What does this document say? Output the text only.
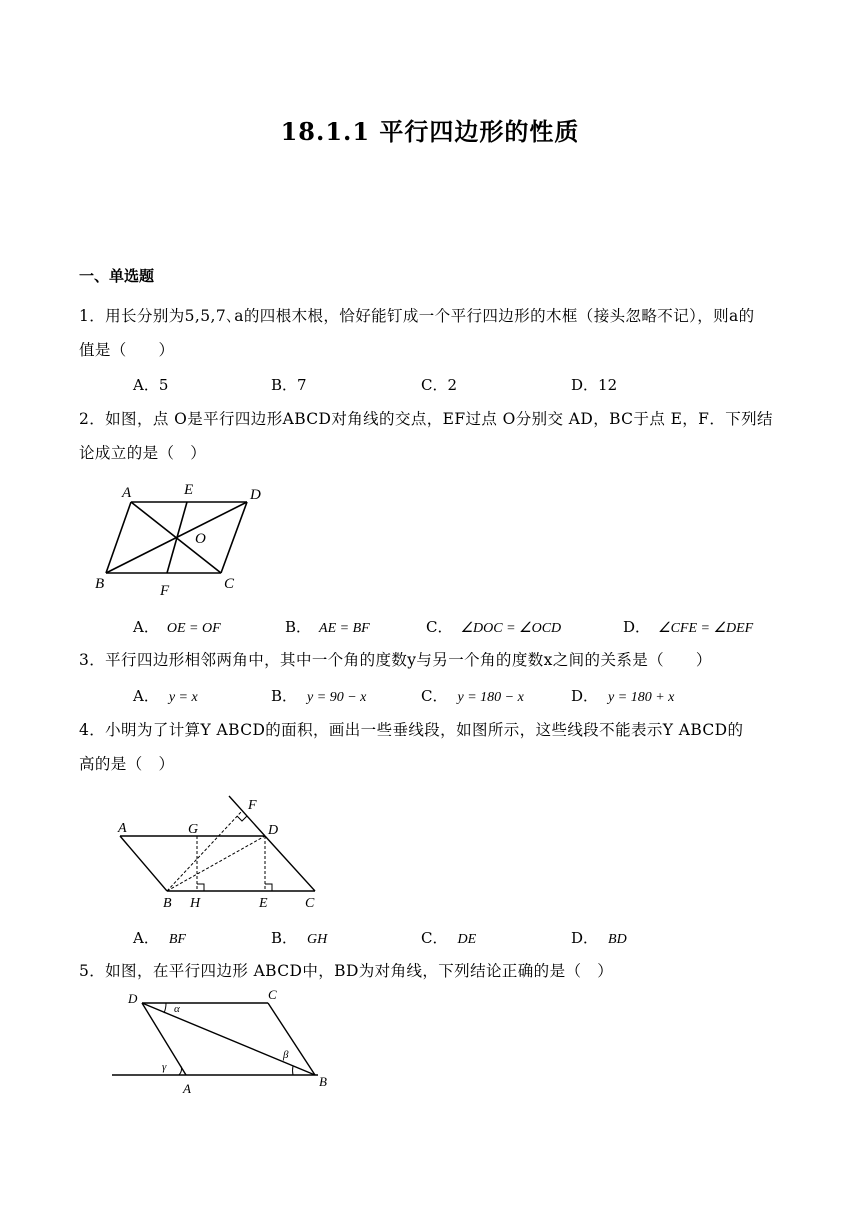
18.1.1 平行四边形的性质
一、单选题
1．用长分别为5,5,7､a的四根木根，恰好能钉成一个平行四边形的木框（接头忽略不记），则a的
值是（　　）
A．5	B．7	C．2	D．12
2．如图，点 O是平行四边形ABCD对角线的交点，EF过点 O分别交 AD，BC于点 E，F．下列结
论成立的是（　）
A	E	D
O
B	F	C
A． OE = OF	B． AE = BF	C． ∠DOC = ∠OCD	D． ∠CFE = ∠DEF
3．平行四边形相邻两角中，其中一个角的度数y与另一个角的度数x之间的关系是（　　）
A． y = x	B． y = 90 − x	C． y = 180 − x	D． y = 180 + x
4．小明为了计算Y ABCD的面积，画出一些垂线段，如图所示，这些线段不能表示Y ABCD的
高的是（　）
A	G	D
F
B H	E	C
A． BF	B． GH	C． DE	D． BD
5．如图，在平行四边形 ABCD中，BD为对角线，下列结论正确的是（　）
D	C
α
β
γ
A	B
